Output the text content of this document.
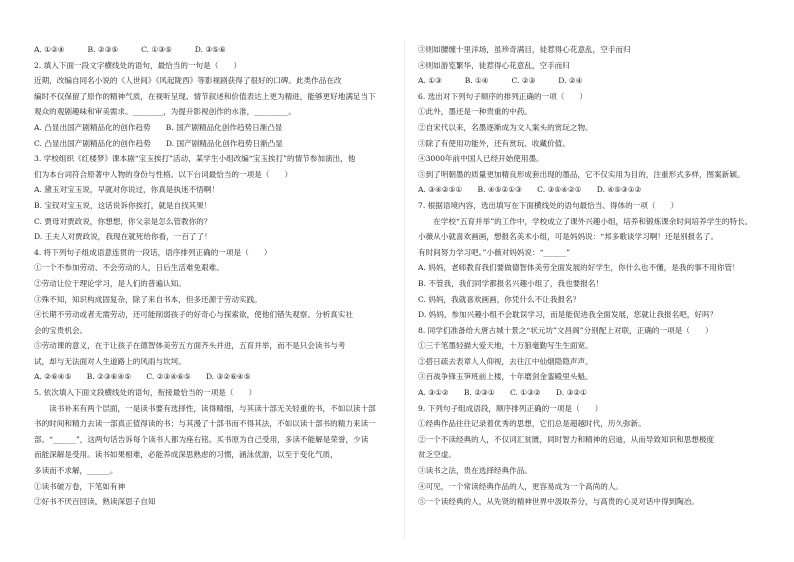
A. ①②④　　　B. ②③⑤　　　C. ①③⑤　　　D. ③⑤⑥
2. 填入下面一段文字横线处的语句，最恰当的一句是（　　）
近期，改编自同名小说的《人世间》《风起陇西》等影视剧获得了很好的口碑。此类作品在改
编时不仅保留了原作的精神气质，在视听呈现、情节叙述和价值表达上更为精进，能够更好地满足当下
观众的观剧趣味和审美需求。________，为提升影视创作的水准，_________。
A. 凸显出国产剧精品化的创作趋势　　B. 国产剧精品化创作趋势日渐凸显
C. 凸显出国产剧精品化的创作趋势　　D. 国产剧精品化创作趋势日渐凸显
3. 学校组织《红楼梦》课本剧“宝玉挨打”活动，某学生小组改编“宝玉挨打”的情节参加演出，他
们为本台词符合原著中人物的身份与性格。以下台词最恰当的一项是（　　）
A. 黛玉对宝玉说，早就对你说过，你真是执迷不悟啊！
B. 宝钗对宝玉说，这话说诉你挨打，就是自找其果！
C. 贾母对贾政说，你想想，你父亲是怎么管教你的？
D. 王夫人对贾政说，我现在就死给你看，一百了了！
4. 将下列句子组成语意连贯的一段话，语序排列正确的一项是（　　）
①一个不参加劳动、不会劳动的人，日后生活难免艰难。
②劳动让位于理论学习，是人们的普遍认知。
③殊不知，知识构成固复杂，除了来自书本，但多还源于劳动实践。
④长期不劳动或者无需劳动，还可能削弱孩子的好奇心与探索欲，使他们错失观察、分析真实社
会的宝贵机会。
⑤劳动课的意义，在于让孩子在德智体美劳五方面齐头并进，五育并举，而不是只会读书与考
试，却与无法面对人生道路上的风雨与坎坷。
A. ②⑥④⑤　　B. ②③⑥④⑤　　C. ②③④⑥⑤　　D. ③②⑥④⑤
5. 依次填入下面文段横线处的语句，衔接最恰当的一项是（　　）
　　读书补来有两个层面，一是读书要有选择性，读得精细，与其读十部无关轻重的书，不如以读十部
书的时间和精力去读一部真正值得读的书；与其漫了十部书而不得其法，不如以读十部书的精力来读一
部。“______”，这两句话告诉每个读书人都为座右铭。买书原为自己受用，多读不能解是荣誉，少读
而能深解是受用。读书如果相难，必能养成深思熟虑的习惯，涵泳优游，以至于变化气质，
多读而不求解，______。
①读书破万卷，下笔如有神
②好书不厌百回读，熟读深思子自知
③则如腰缠十里洋场，虽珍奇满目，徒惹得心花意乱，空手而归
④则如游览繁华，徒惹得心花意乱，空手而归
A. ①③　　　B. ①④　　　C. ②③　　　D. ②④
6. 选出对下列句子顺序的排列正确的一项（　　）
①此外，墨还是一种贵重的中药。
②自宋代以来，名墨逐渐成为文人案头的赏玩之物。
③除了有使用功能外，还有赏玩、收藏价值。
④3000年前中国人已经开始使用墨。
⑤到了明朝墨的质量更加精良形成套出现的墨品，它不仅实用为目的，注重形式多样，图案新颖。
A. ③④②⑤①　　B. ④⑤②①③　　C. ③⑤④②①　　D. ④⑤③①②
7. 根据语境内容，选出填写在下面横线处的语句最恰当、得体的一项（　　）
　　在学校“五育并举”的工作中，学校成立了课外兴趣小组，培养和锻炼课余时间培养学生的特长。
小薇从小就喜欢画画，想报名美术小组，可是妈妈说：“邦多歌谈学习啊！还是别报名了。
有时间努力学习吧。”小薇对妈妈说：“______”
A. 妈妈，老师教育我们要做德智体美劳全面发展的好学生，你什么也不懂，是我的事不用你管！
B. 不管我，我们同学都报名兴趣小组了，我也要报名！
C. 妈妈，我就喜欢画画，你凭什么不让我报名？
D. 妈妈，参加兴趣小组不会耽误学习，而是能促进我全面发展，您就让我报名吧，好吗？
8. 同学们准备给大唐古城十景之“状元坊”文昌阁”分别配上对联，正确的一项是（　　）
①三千笔墨轻描大爱天地，十万狼毫勤写生生面宽。
②搭日疏去表章人人仰视，去往江中仙烟隐隐声声。
③百战争锋玉笋班前上楼，十年磨剑金銮殿里头魁。
A. ③①②　　B. ②③①　　C. ①③②　　D. ③②①
9. 下列句子组成语段，顺序排列正确的一项是（　　）
①经典作品往往记录着优秀的思想，它们总是超越时代，历久弥新。
②一个不读经典的人，不仅词汇贫匮，同时智力和精神的启迪，从而导致知识和思想极度
贫乏空虚。
③读书之法，贵在选择经典作品。
④可见，一个常读经典作品的人，更容易成为一个高尚的人。
⑤一个读经典的人，从先贤的精神世界中汲取养分，与高贵的心灵对话中得到陶冶。
